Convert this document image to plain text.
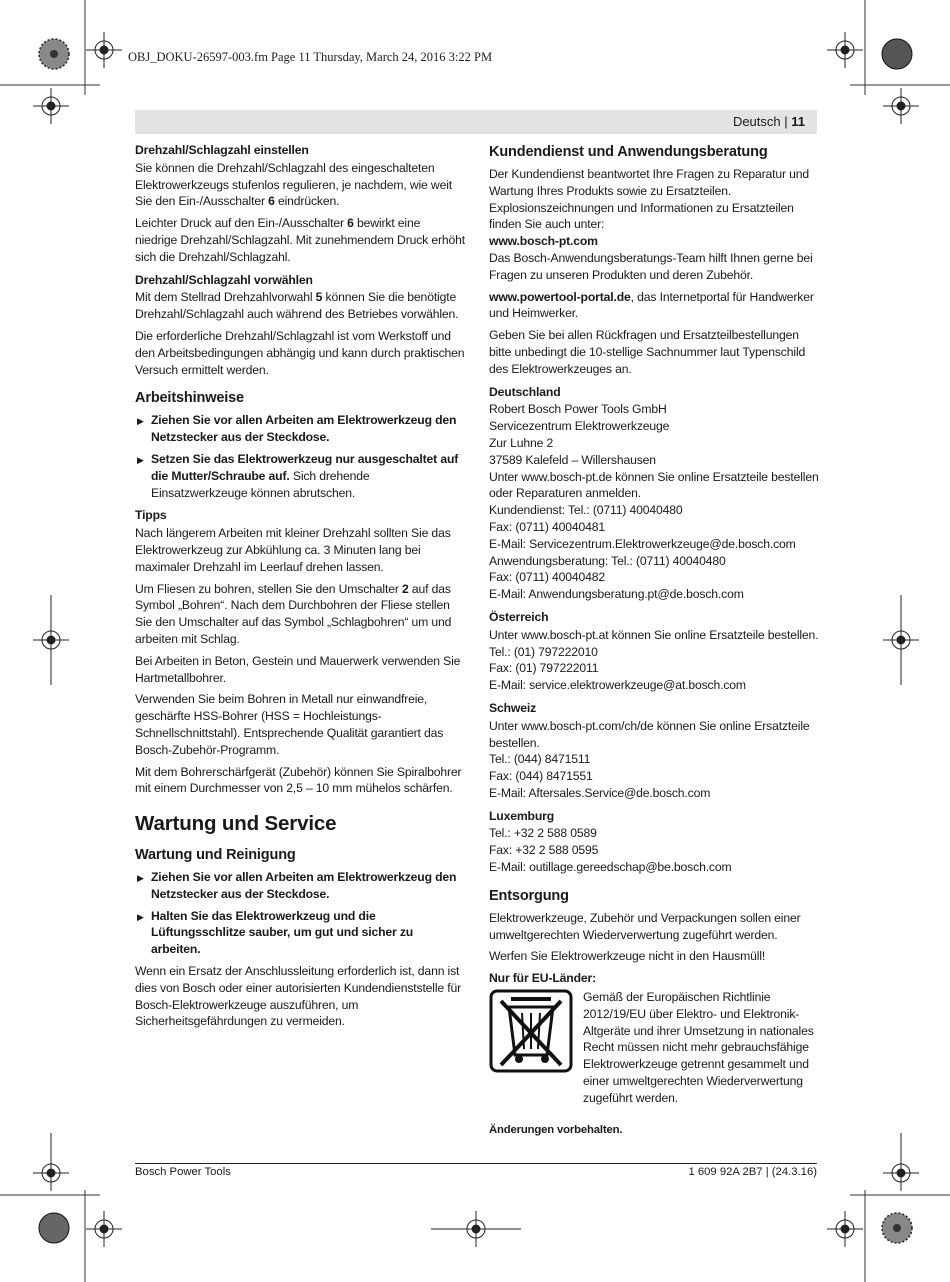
OBJ_DOKU-26597-003.fm Page 11 Thursday, March 24, 2016 3:22 PM
Deutsch | 11
Drehzahl/Schlagzahl einstellen

Sie können die Drehzahl/Schlagzahl des eingeschalteten Elektrowerkzeugs stufenlos regulieren, je nachdem, wie weit Sie den Ein-/Ausschalter 6 eindrücken.

Leichter Druck auf den Ein-/Ausschalter 6 bewirkt eine niedrige Drehzahl/Schlagzahl. Mit zunehmendem Druck erhöht sich die Drehzahl/Schlagzahl.

Drehzahl/Schlagzahl vorwählen

Mit dem Stellrad Drehzahlvorwahl 5 können Sie die benötigte Drehzahl/Schlagzahl auch während des Betriebes vorwählen.

Die erforderliche Drehzahl/Schlagzahl ist vom Werkstoff und den Arbeitsbedingungen abhängig und kann durch praktischen Versuch ermittelt werden.

Arbeitshinweise
▶ Ziehen Sie vor allen Arbeiten am Elektrowerkzeug den Netzstecker aus der Steckdose.
▶ Setzen Sie das Elektrowerkzeug nur ausgeschaltet auf die Mutter/Schraube auf. Sich drehende Einsatzwerkzeuge können abrutschen.
Tipps

Nach längerem Arbeiten mit kleiner Drehzahl sollten Sie das Elektrowerkzeug zur Abkühlung ca. 3 Minuten lang bei maximaler Drehzahl im Leerlauf drehen lassen.

Um Fliesen zu bohren, stellen Sie den Umschalter 2 auf das Symbol „Bohren“. Nach dem Durchbohren der Fliese stellen Sie den Umschalter auf das Symbol „Schlagbohren“ um und arbeiten mit Schlag.

Bei Arbeiten in Beton, Gestein und Mauerwerk verwenden Sie Hartmetallbohrer.

Verwenden Sie beim Bohren in Metall nur einwandfreie, geschärfte HSS-Bohrer (HSS = Hochleistungs-Schnellschnittstahl). Entsprechende Qualität garantiert das Bosch-Zubehör-Programm.

Mit dem Bohrerschärfgerät (Zubehör) können Sie Spiralbohrer mit einem Durchmesser von 2,5 – 10 mm mühelos schärfen.

Wartung und Service
Wartung und Reinigung
▶ Ziehen Sie vor allen Arbeiten am Elektrowerkzeug den Netzstecker aus der Steckdose.
▶ Halten Sie das Elektrowerkzeug und die Lüftungsschlitze sauber, um gut und sicher zu arbeiten.

Wenn ein Ersatz der Anschlussleitung erforderlich ist, dann ist dies von Bosch oder einer autorisierten Kundendienststelle für Bosch-Elektrowerkzeuge auszuführen, um Sicherheitsgefährdungen zu vermeiden.

Kundendienst und Anwendungsberatung

Der Kundendienst beantwortet Ihre Fragen zu Reparatur und Wartung Ihres Produkts sowie zu Ersatzteilen. Explosionszeichnungen und Informationen zu Ersatzteilen finden Sie auch unter:

www.bosch-pt.com

Das Bosch-Anwendungsberatungs-Team hilft Ihnen gerne bei Fragen zu unseren Produkten und deren Zubehör.

www.powertool-portal.de, das Internetportal für Handwerker und Heimwerker.

Geben Sie bei allen Rückfragen und Ersatzteilbestellungen bitte unbedingt die 10-stellige Sachnummer laut Typenschild des Elektrowerkzeuges an.

Deutschland
Robert Bosch Power Tools GmbH
Servicezentrum Elektrowerkzeuge
Zur Luhne 2
37589 Kalefeld – Willershausen
Unter www.bosch-pt.de können Sie online Ersatzteile bestellen oder Reparaturen anmelden.
Kundendienst: Tel.: (0711) 40040480
Fax: (0711) 40040481
E-Mail: Servicezentrum.Elektrowerkzeuge@de.bosch.com
Anwendungsberatung: Tel.: (0711) 40040480
Fax: (0711) 40040482
E-Mail: Anwendungsberatung.pt@de.bosch.com
Österreich
Unter www.bosch-pt.at können Sie online Ersatzteile bestellen.
Tel.: (01) 797222010
Fax: (01) 797222011
E-Mail: service.elektrowerkzeuge@at.bosch.com
Schweiz
Unter www.bosch-pt.com/ch/de können Sie online Ersatzteile bestellen.
Tel.: (044) 8471511
Fax: (044) 8471551
E-Mail: Aftersales.Service@de.bosch.com
Luxemburg
Tel.: +32 2 588 0589
Fax: +32 2 588 0595
E-Mail: outillage.gereedschap@be.bosch.com
Entsorgung

Elektrowerkzeuge, Zubehör und Verpackungen sollen einer umweltgerechten Wiederverwertung zugeführt werden.

Werfen Sie Elektrowerkzeuge nicht in den Hausmüll!

Nur für EU-Länder:

Gemäß der Europäischen Richtlinie 2012/19/EU über Elektro- und Elektronik-Altgeräte und ihrer Umsetzung in nationales Recht müssen nicht mehr gebrauchsfähige Elektrowerkzeuge getrennt gesammelt und einer umweltgerechten Wiederverwertung zugeführt werden.

Änderungen vorbehalten.
Bosch Power Tools	1 609 92A 2B7 | (24.3.16)
